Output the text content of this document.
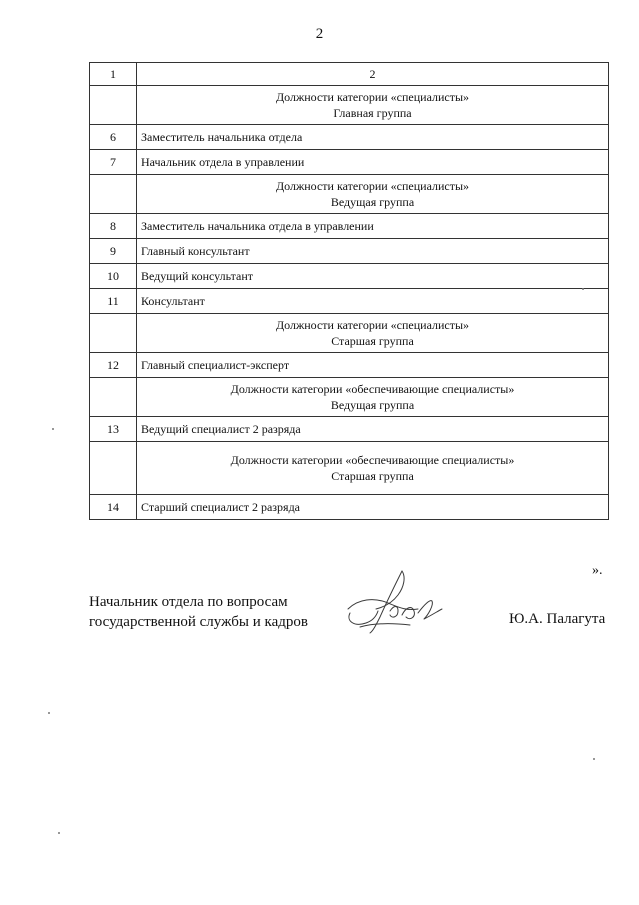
2
1	2

	Должности категории «специалисты»
Главная группа

6	Заместитель начальника отдела
7	Начальник отдела в управлении

	Должности категории «специалисты»
Ведущая группа

8	Заместитель начальника отдела в управлении
9	Главный консультант
10	Ведущий консультант
11	Консультант

	Должности категории «специалисты»
Старшая группа

12	Главный специалист-эксперт

	Должности категории «обеспечивающие специалисты»
Ведущая группа

13	Ведущий специалист 2 разряда

	Должности категории «обеспечивающие специалисты»
Старшая группа

14	Старший специалист 2 разряда
».
Начальник отдела по вопросам
государственной службы и кадров	Ю.А. Палагута
